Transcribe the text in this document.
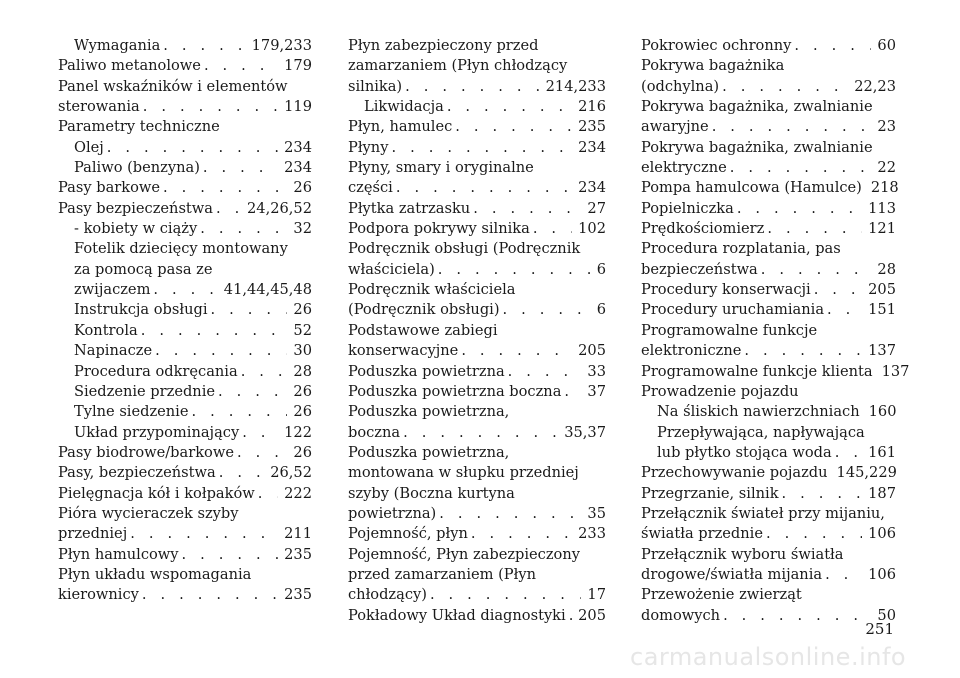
Wymagania . . .	179,233
Paliwo metanolowe . . .	179
Panel wskaźników i elementów
sterowania . . .	119
Parametry techniczne
Olej . . .	234
Paliwo (benzyna) . . .	234
Pasy barkowe . . .	26
Pasy bezpieczeństwa . . . 24,26,52
- kobiety w ciąży . . .	32
Fotelik dziecięcy montowany
za pomocą pasa ze
zwijaczem . . .	41,44,45,48
Instrukcja obsługi . . .	26
Kontrola . . .	52
Napinacze . . .	30
Procedura odkręcania . . .	28
Siedzenie przednie . . .	26
Tylne siedzenie . . .	26
Układ przypominający . . .	122
Pasy biodrowe/barkowe . . .	26
Pasy, bezpieczeństwa . . .	26,52
Pielęgnacja kół i kołpaków . . . 222
Pióra wycieraczek szyby
przedniej . . .	211
Płyn hamulcowy . . .	235
Płyn układu wspomagania
kierownicy . . .	235
Płyn zabezpieczony przed
zamarzaniem (Płyn chłodzący
silnika) . . .	214,233
Likwidacja . . .	216
Płyn, hamulec . . .	235
Płyny . . .	234
Płyny, smary i oryginalne
części . . .	234
Płytka zatrzasku . . .	27
Podpora pokrywy silnika . . .	102
Podręcznik obsługi (Podręcznik
właściciela) . . .	6
Podręcznik właściciela
(Podręcznik obsługi) . . .	6
Podstawowe zabiegi
konserwacyjne . . .	205
Poduszka powietrzna . . .	33
Poduszka powietrzna boczna . . . 37
Poduszka powietrzna,
boczna . . .	35,37
Poduszka powietrzna,
montowana w słupku przedniej
szyby (Boczna kurtyna
powietrzna) . . .	35
Pojemność, płyn . . .	233
Pojemność, Płyn zabezpieczony
przed zamarzaniem (Płyn
chłodzący) . . .	17
Pokładowy Układ diagnostyki . . . 205
Pokrowiec ochronny . . .	60
Pokrywa bagażnika
(odchylna) . . .	22,23
Pokrywa bagażnika, zwalnianie
awaryjne . . .	23
Pokrywa bagażnika, zwalnianie
elektryczne . . .	22
Pompa hamulcowa (Hamulce) 218
Popielniczka . . .	113
Prędkościomierz . . .	121
Procedura rozplatania, pas
bezpieczeństwa . . .	28
Procedury konserwacji . . .	205
Procedury uruchamiania . . .	151
Programowalne funkcje
elektroniczne . . .	137
Programowalne funkcje klienta 137
Prowadzenie pojazdu
Na śliskich nawierzchniach 160
Przepływająca, napływająca
lub płytko stojąca woda . . . 161
Przechowywanie pojazdu 145,229
Przegrzanie, silnik . . .	187
Przełącznik świateł przy mijaniu,
światła przednie . . .	106
Przełącznik wyboru światła
drogowe/światła mijania . . .	106
Przewożenie zwierząt
domowych . . .	50
251
carmanualsonline.info
